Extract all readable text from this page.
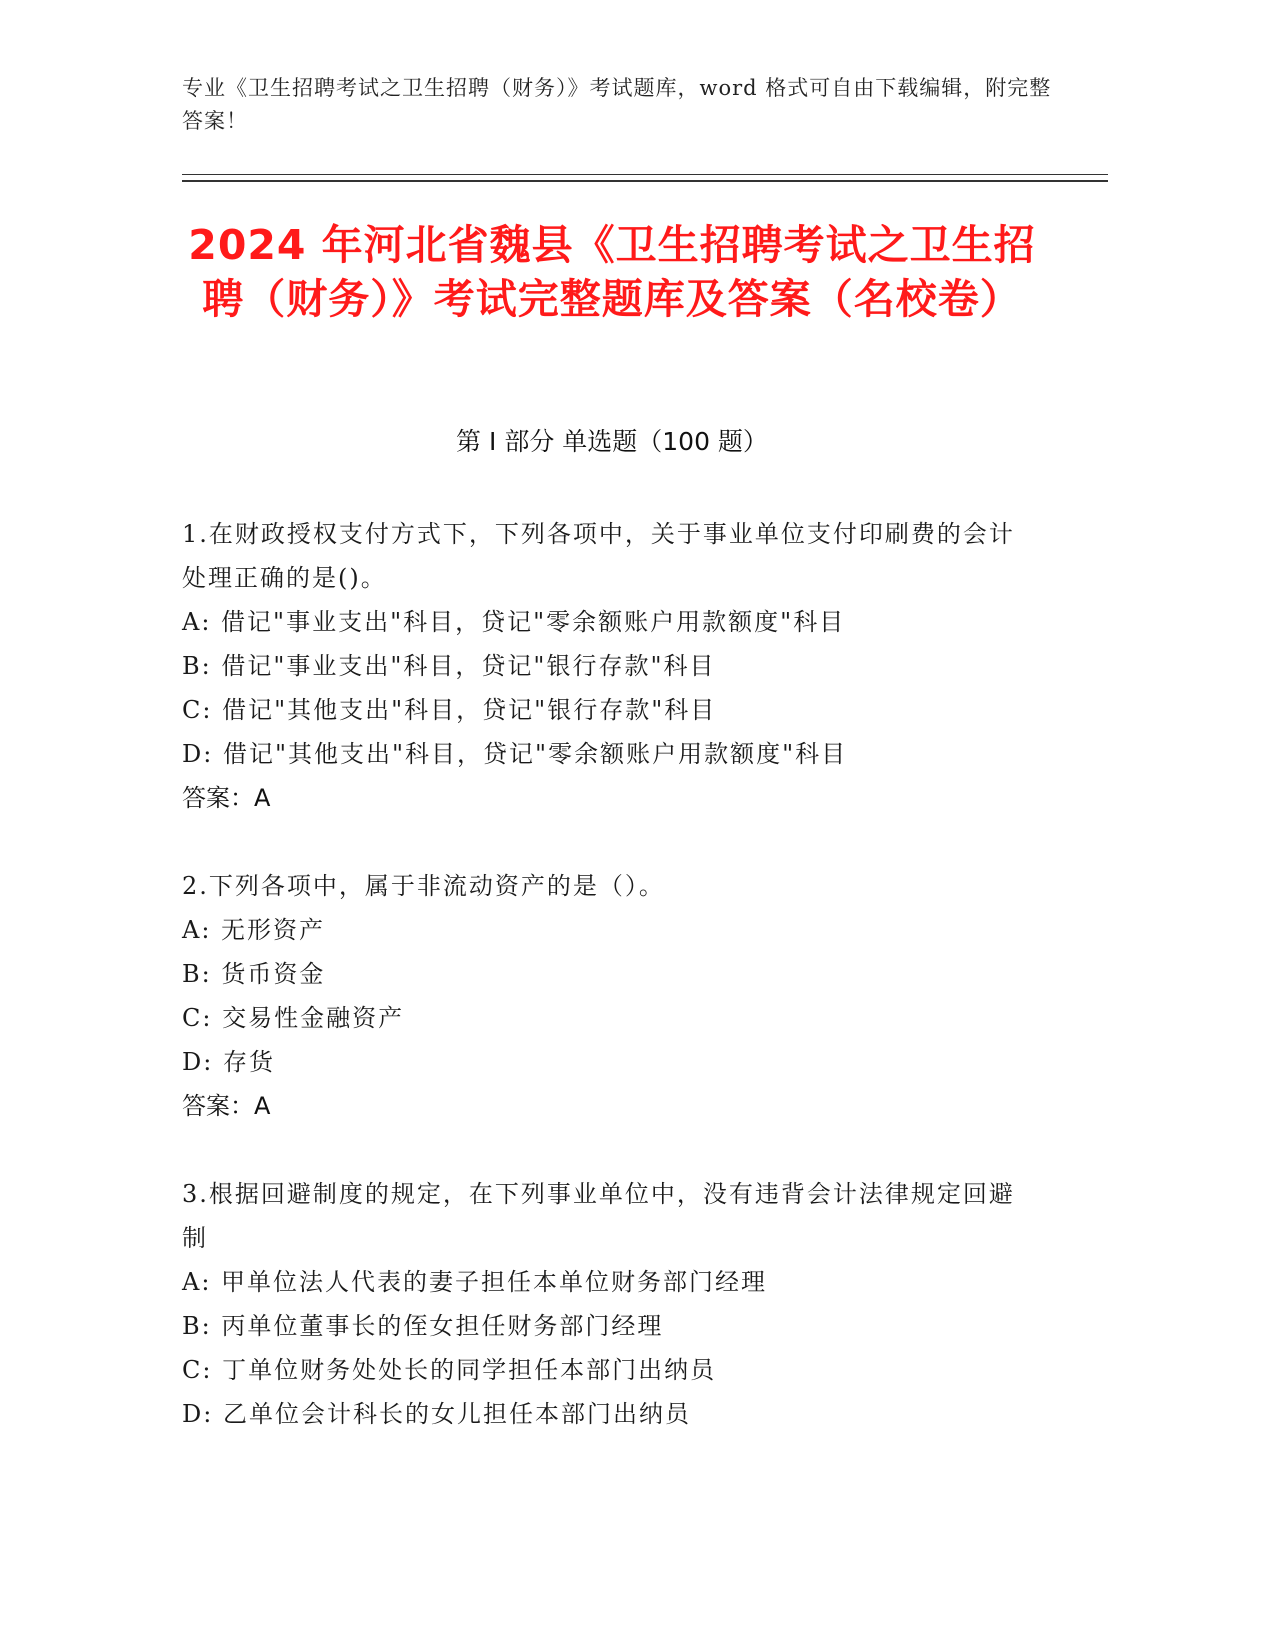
专业《卫生招聘考试之卫生招聘（财务）》考试题库，word 格式可自由下载编辑，附完整答案！
2024 年河北省魏县《卫生招聘考试之卫生招聘（财务）》考试完整题库及答案（名校卷）
第 I 部分 单选题（100 题）
1.在财政授权支付方式下，下列各项中，关于事业单位支付印刷费的会计处理正确的是()。
A: 借记"事业支出"科目，贷记"零余额账户用款额度"科目
B: 借记"事业支出"科目，贷记"银行存款"科目
C: 借记"其他支出"科目，贷记"银行存款"科目
D: 借记"其他支出"科目，贷记"零余额账户用款额度"科目
答案：A
2.下列各项中，属于非流动资产的是（）。
A: 无形资产
B: 货币资金
C: 交易性金融资产
D: 存货
答案：A
3.根据回避制度的规定，在下列事业单位中，没有违背会计法律规定回避制
A: 甲单位法人代表的妻子担任本单位财务部门经理
B: 丙单位董事长的侄女担任财务部门经理
C: 丁单位财务处处长的同学担任本部门出纳员
D: 乙单位会计科长的女儿担任本部门出纳员
